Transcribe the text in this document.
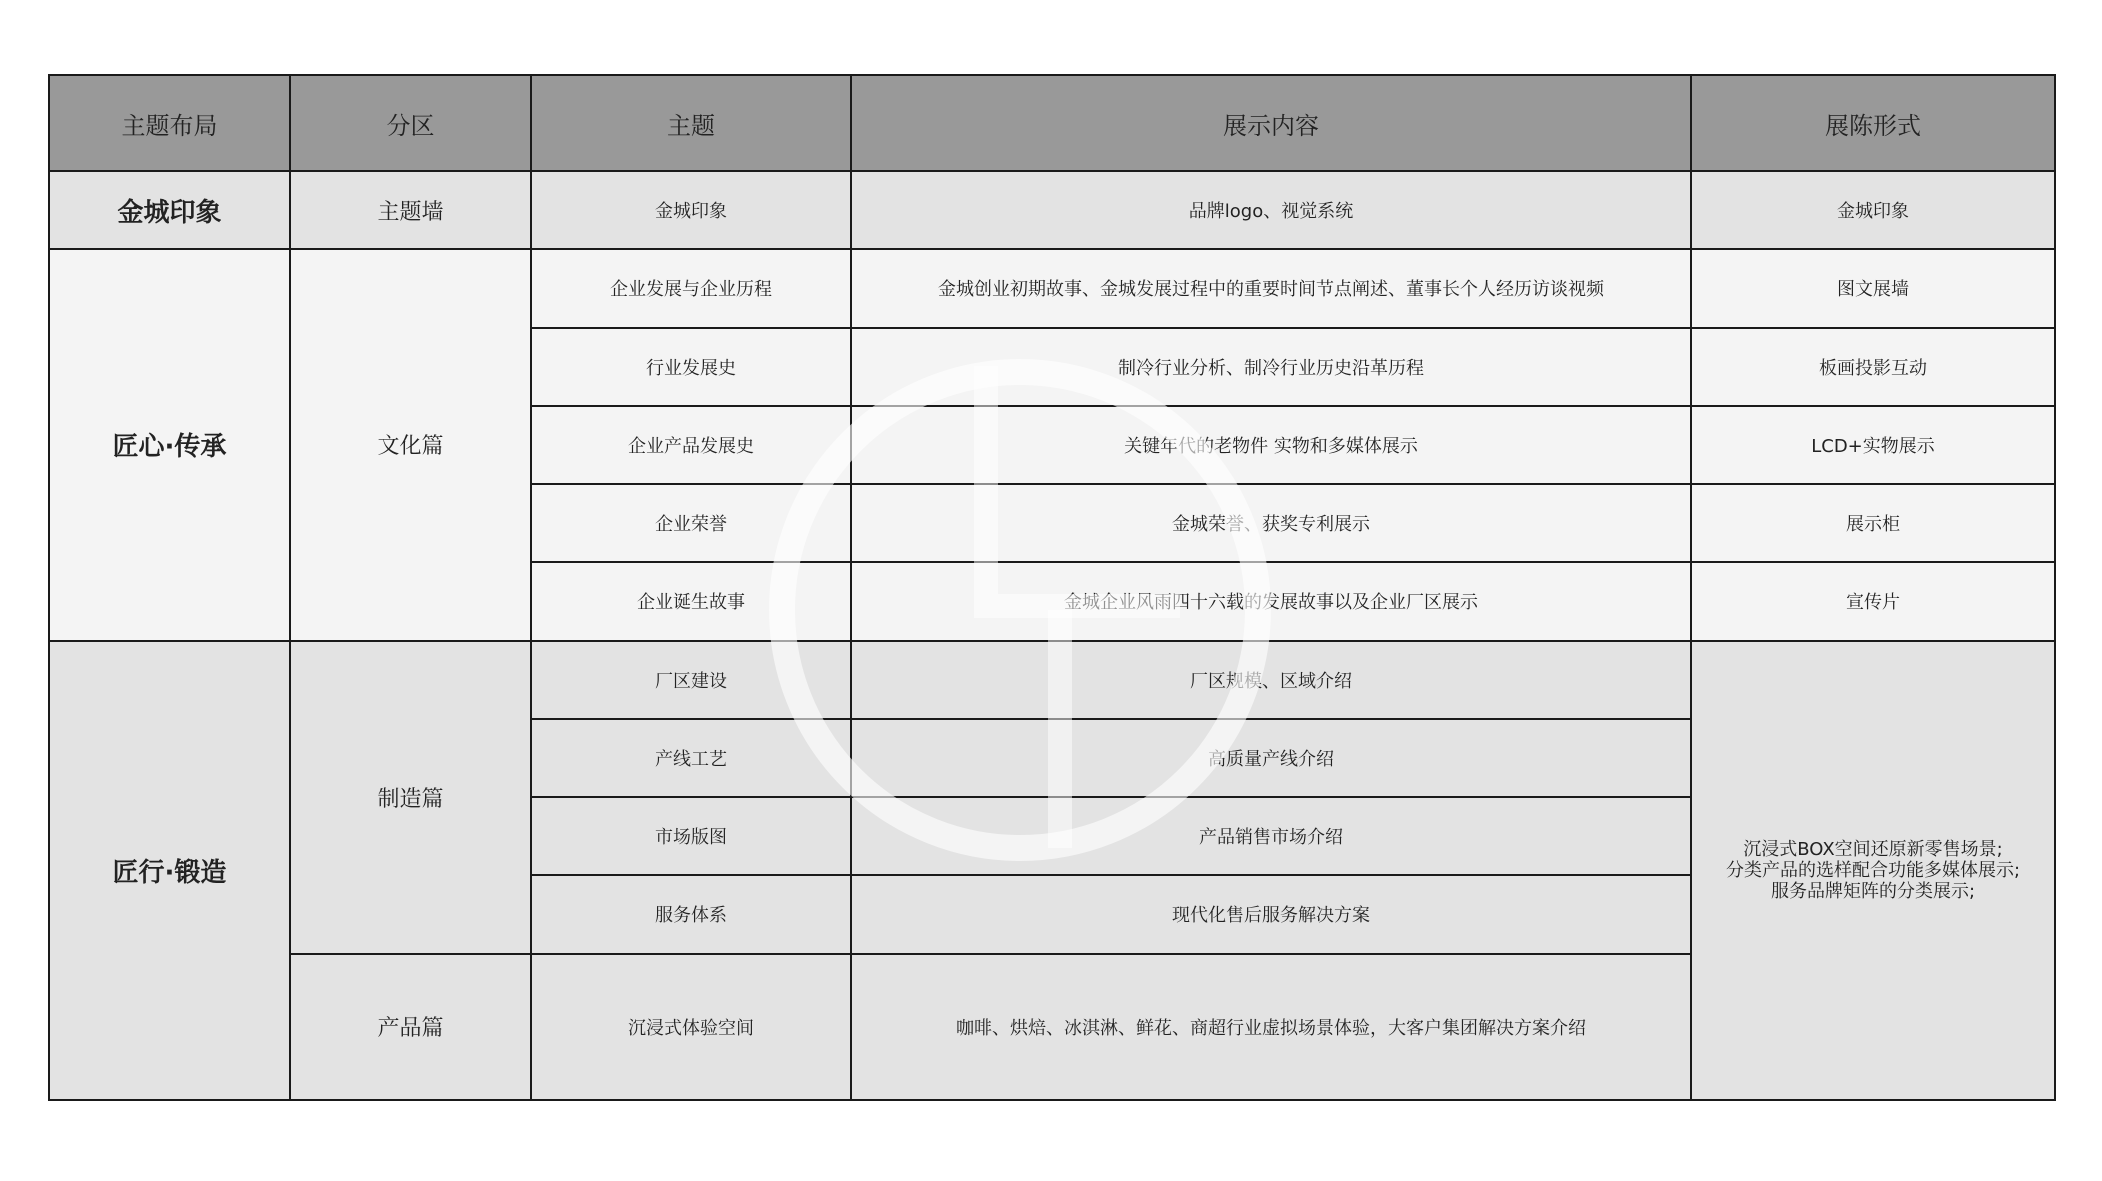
主题布局	分区	主题	展示内容	展陈形式
金城印象	主题墙	金城印象	品牌logo、视觉系统	金城印象
匠心·传承	文化篇	企业发展与企业历程	金城创业初期故事、金城发展过程中的重要时间节点阐述、董事长个人经历访谈视频	图文展墙
		行业发展史	制冷行业分析、制冷行业历史沿革历程	板画投影互动
		企业产品发展史	关键年代的老物件 实物和多媒体展示	LCD+实物展示
		企业荣誉	金城荣誉、获奖专利展示	展示柜
		企业诞生故事	金城企业风雨四十六载的发展故事以及企业厂区展示	宣传片
匠行·锻造	制造篇	厂区建设	厂区规模、区域介绍	沉浸式BOX空间还原新零售场景;
分类产品的选样配合功能多媒体展示;
服务品牌矩阵的分类展示;

		产线工艺	高质量产线介绍	
		市场版图	产品销售市场介绍	
		服务体系	现代化售后服务解决方案	
	产品篇	沉浸式体验空间	咖啡、烘焙、冰淇淋、鲜花、商超行业虚拟场景体验，大客户集团解决方案介绍	
